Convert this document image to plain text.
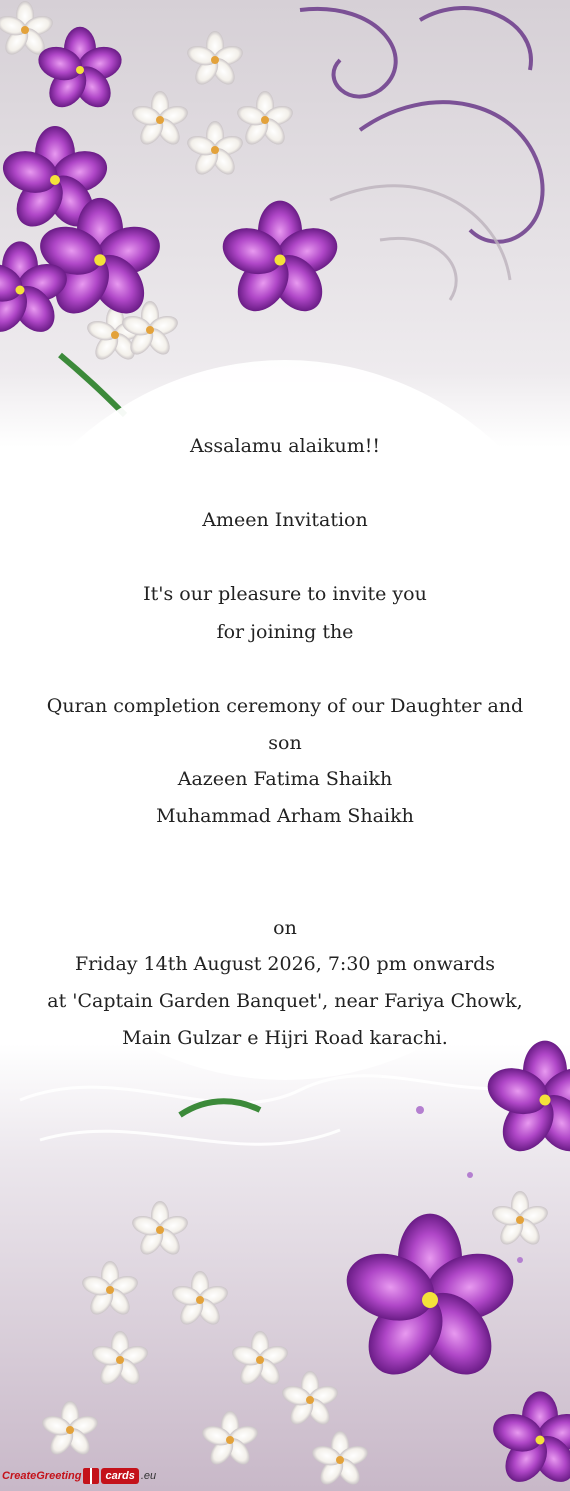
Assalamu alaikum!!
Ameen Invitation
It's our pleasure to invite you
for joining the
Quran completion ceremony of our Daughter and
son
Aazeen Fatima Shaikh
Muhammad Arham Shaikh
on
Friday 14th August 2026, 7:30 pm onwards
at 'Captain Garden Banquet', near Fariya Chowk,
Main Gulzar e Hijri Road karachi.
CreateGreeting	cards .eu
